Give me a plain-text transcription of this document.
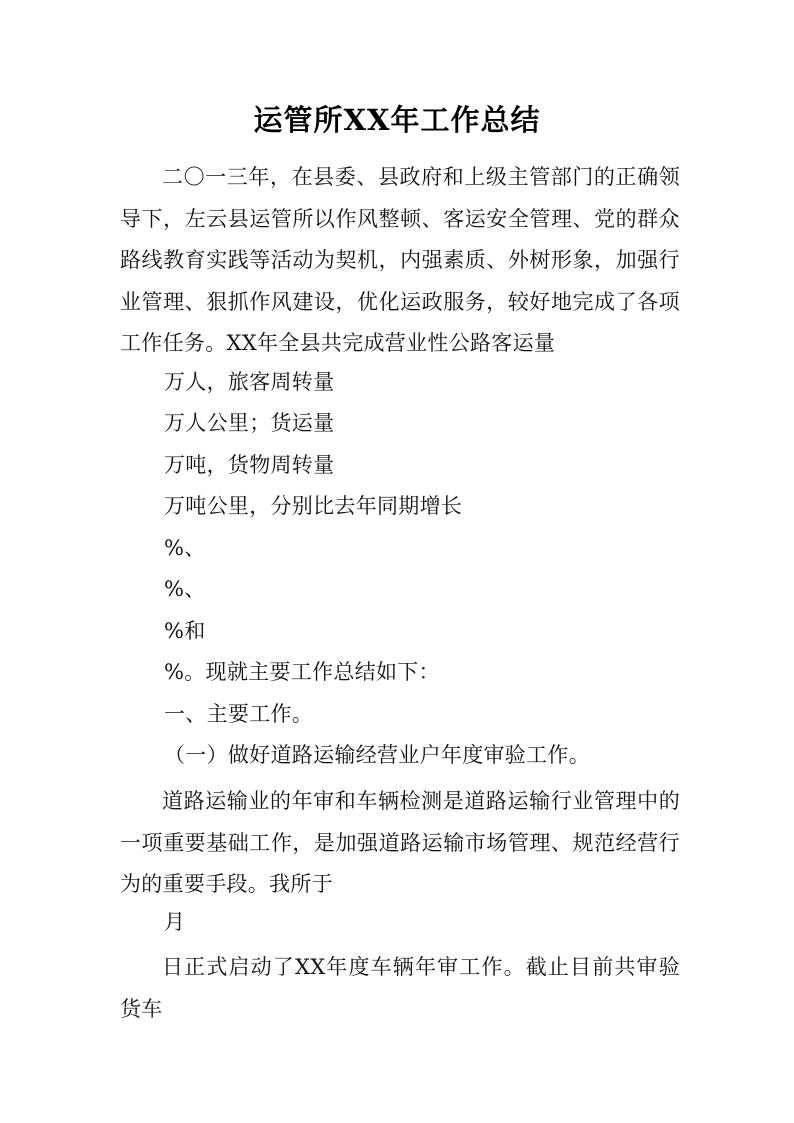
运管所XX年工作总结

二〇一三年，在县委、县政府和上级主管部门的正确领导下，左云县运管所以作风整顿、客运安全管理、党的群众路线教育实践等活动为契机，内强素质、外树形象，加强行业管理、狠抓作风建设，优化运政服务，较好地完成了各项工作任务。XX年全县共完成营业性公路客运量

万人，旅客周转量

万人公里；货运量

万吨，货物周转量

万吨公里，分别比去年同期增长

%、

%、

%和

%。现就主要工作总结如下：

一、主要工作。

（一）做好道路运输经营业户年度审验工作。

道路运输业的年审和车辆检测是道路运输行业管理中的一项重要基础工作，是加强道路运输市场管理、规范经营行为的重要手段。我所于

月

日正式启动了XX年度车辆年审工作。截止目前共审验货车
